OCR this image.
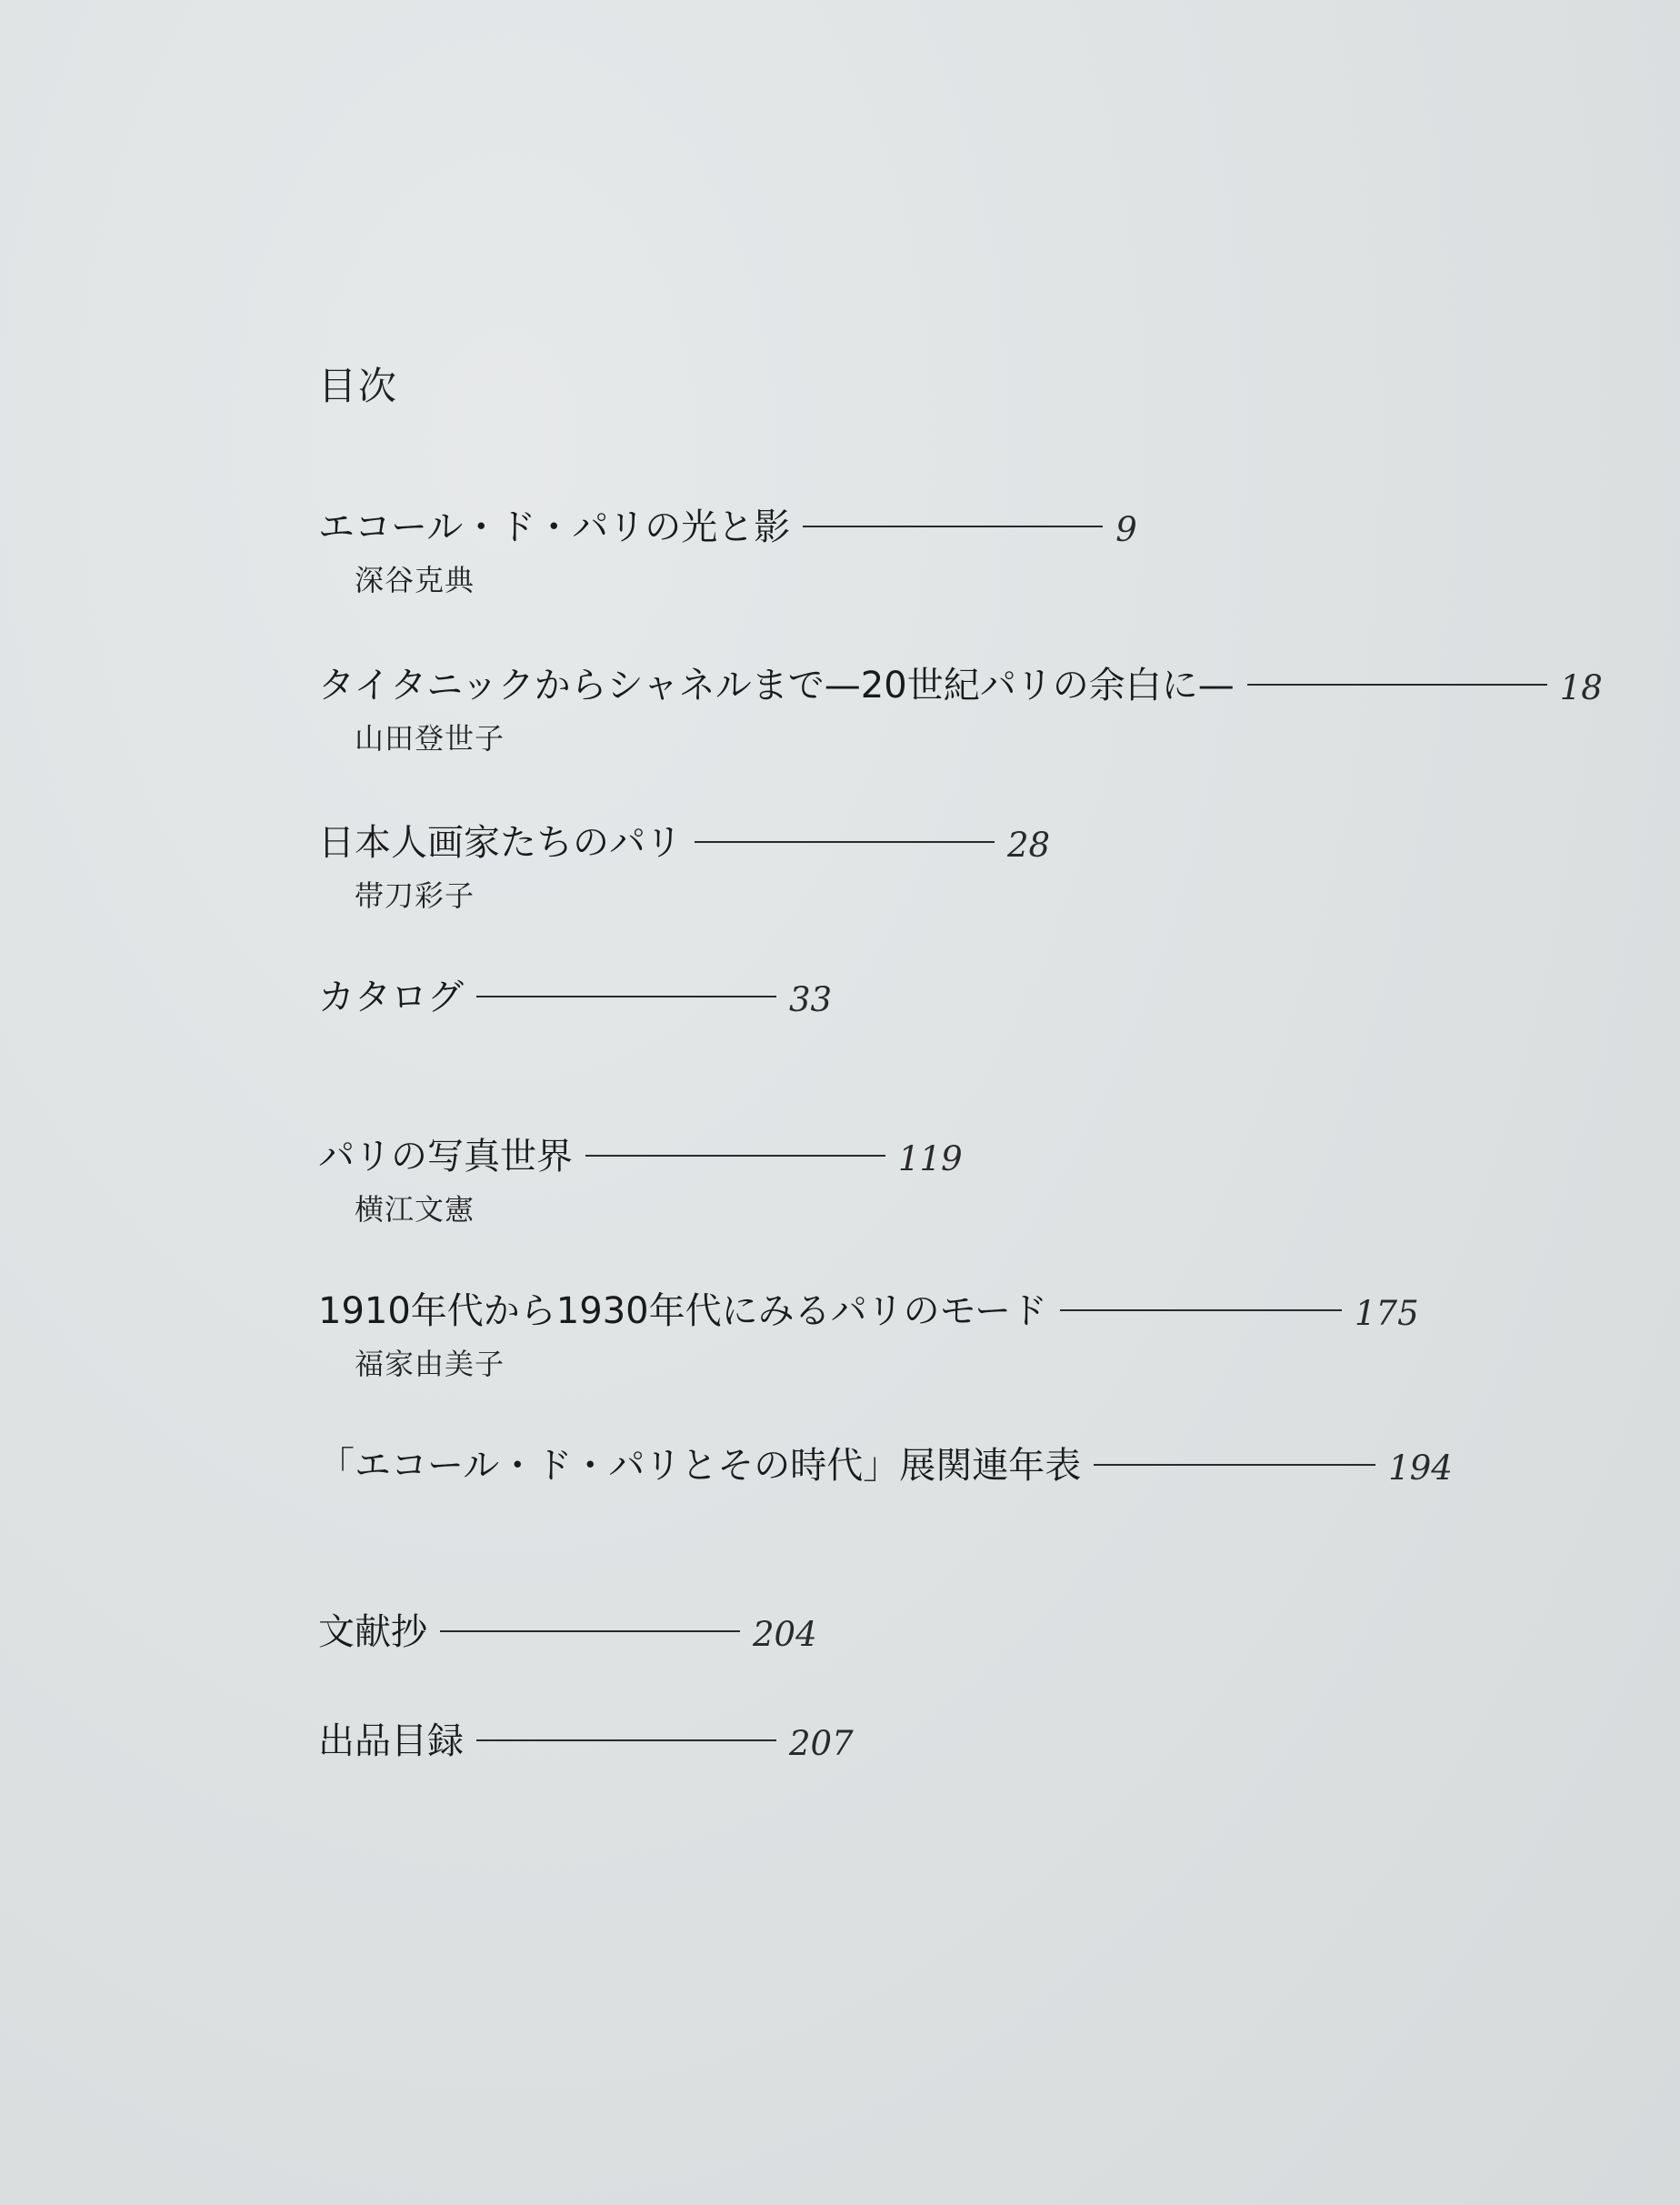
目次
エコール・ド・パリの光と影	9
深谷克典
タイタニックからシャネルまで—20世紀パリの余白に—	18
山田登世子
日本人画家たちのパリ	28
帯刀彩子
カタログ	33
パリの写真世界	119
横江文憲
1910年代から1930年代にみるパリのモード	175
福家由美子
「エコール・ド・パリとその時代」展関連年表	194
文献抄	204
出品目録	207
